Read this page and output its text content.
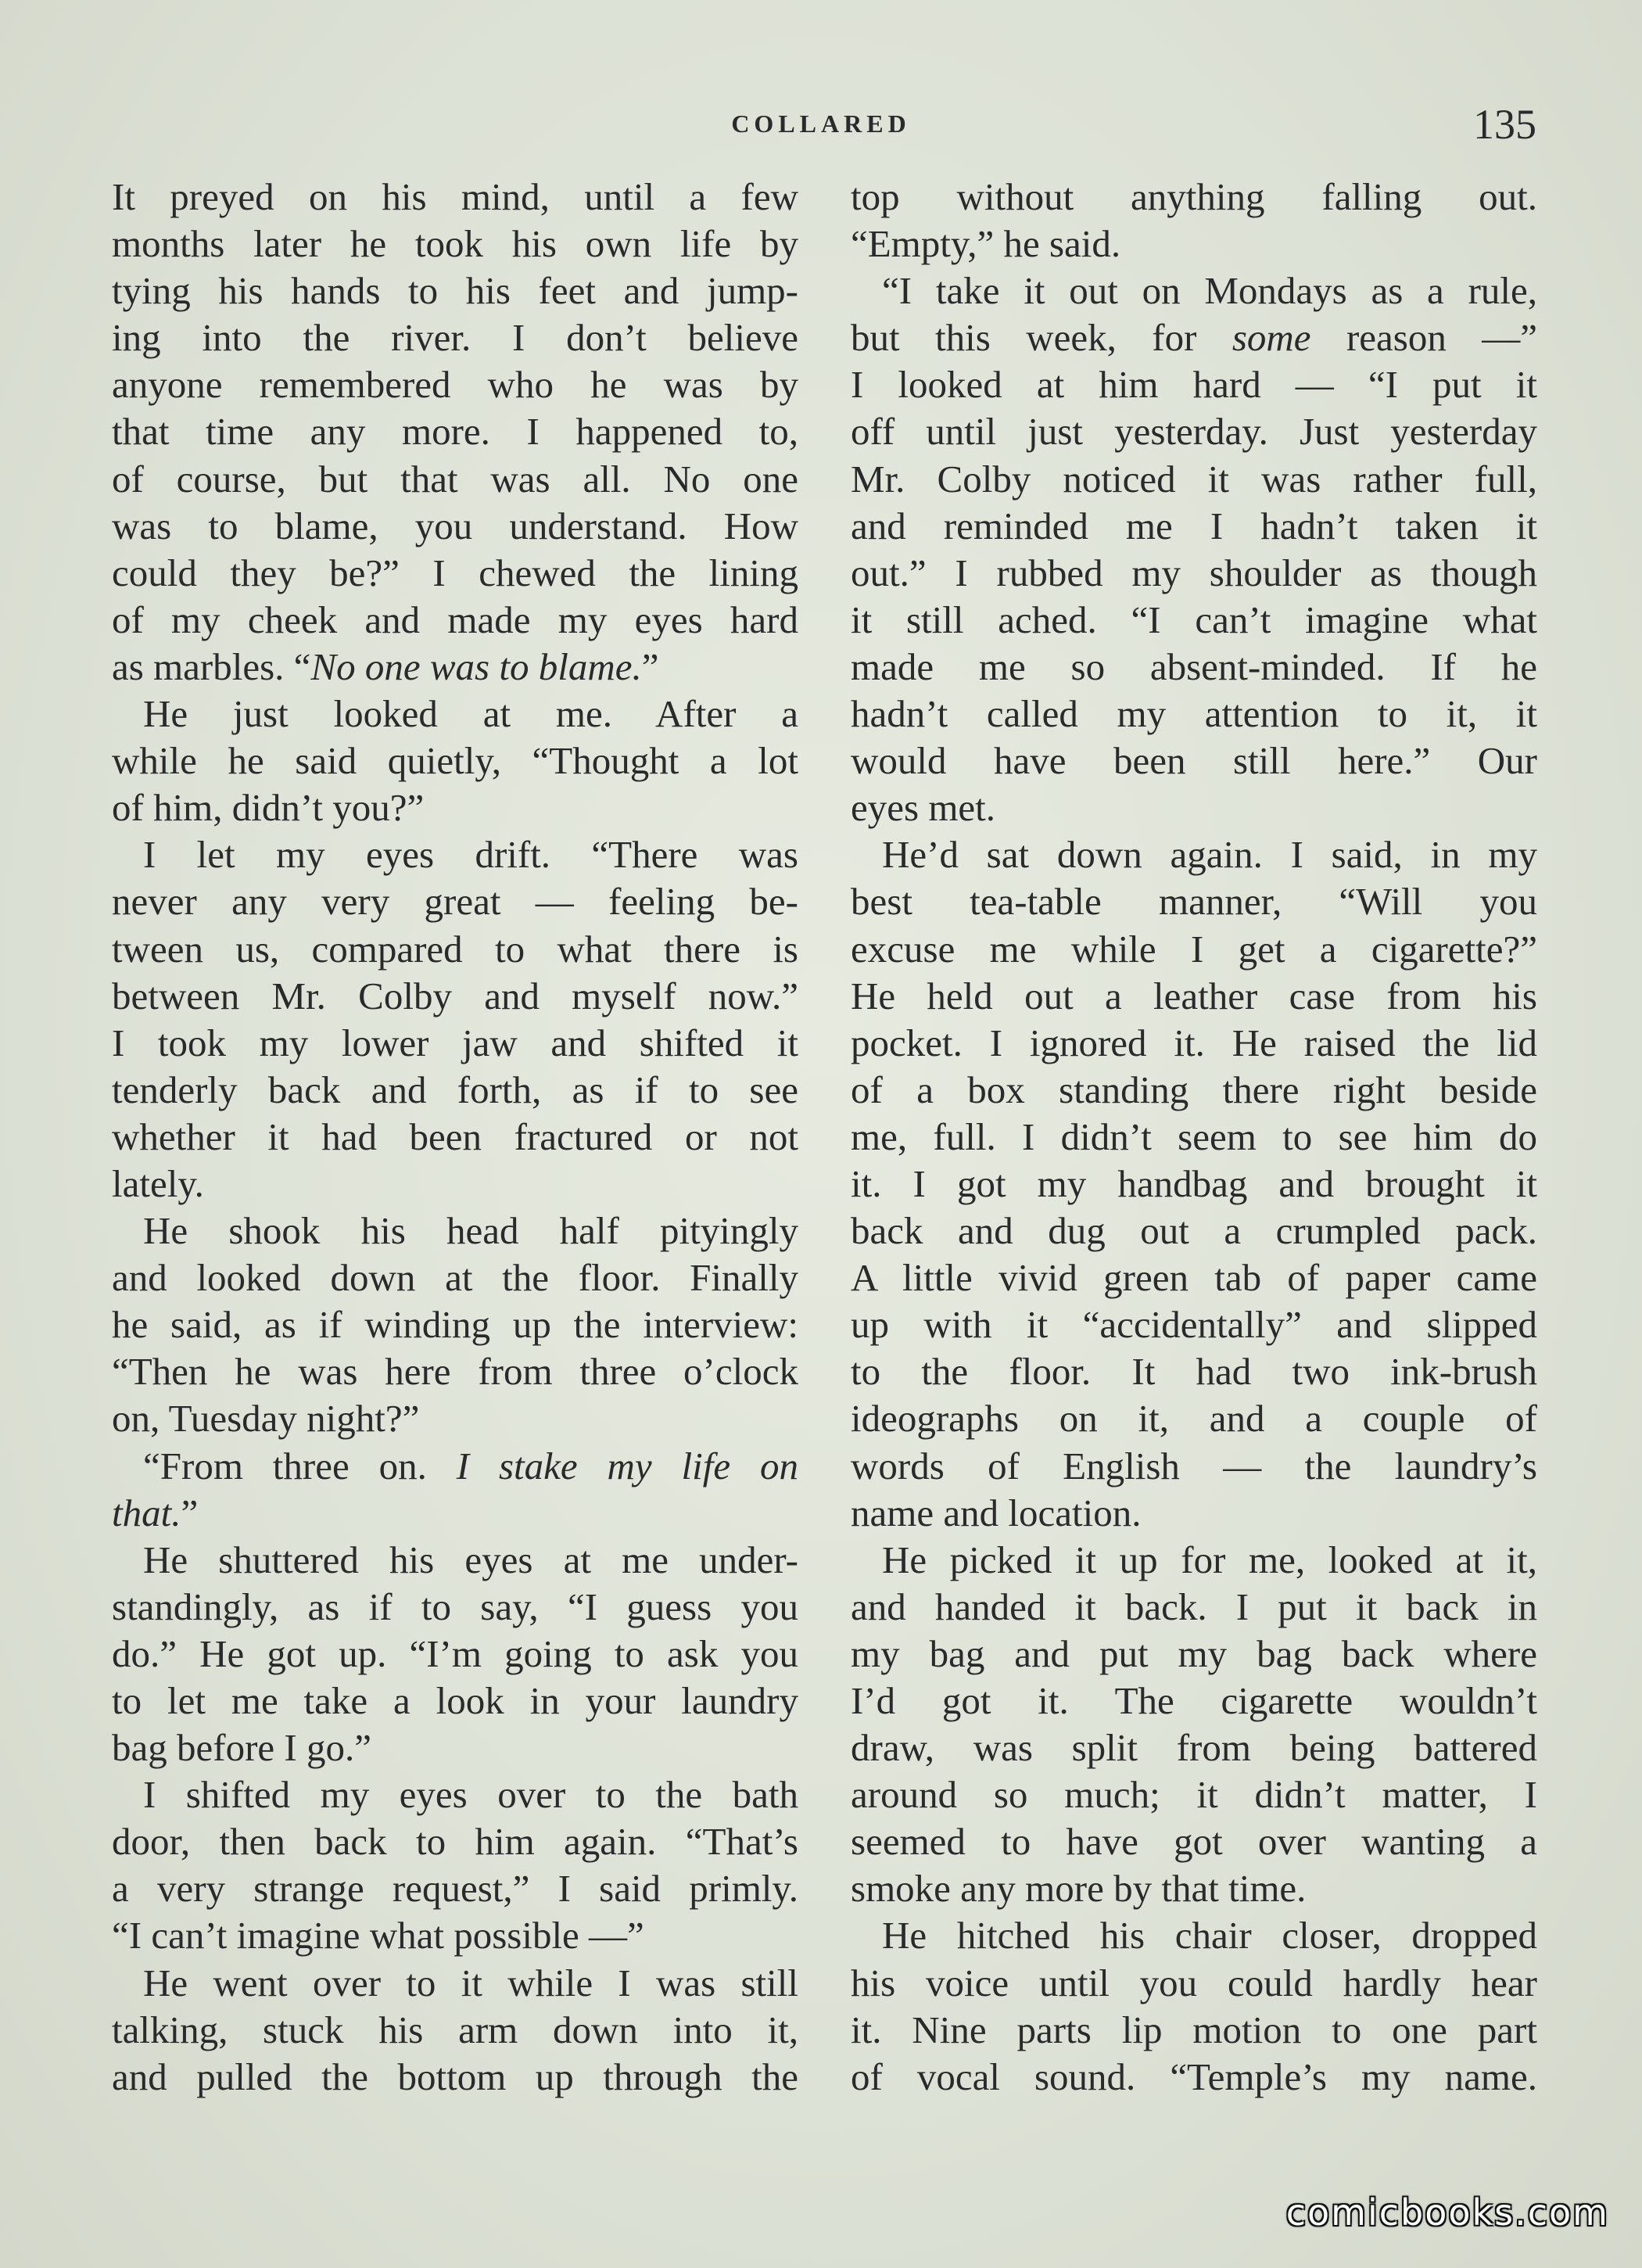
COLLARED	135
It preyed on his mind, until a few
months later he took his own life by
tying his hands to his feet and jump-
ing into the river. I don’t believe
anyone remembered who he was by
that time any more. I happened to,
of course, but that was all. No one
was to blame, you understand. How
could they be?” I chewed the lining
of my cheek and made my eyes hard
as marbles. “No one was to blame.”
He just looked at me. After a
while he said quietly, “Thought a lot
of him, didn’t you?”
I let my eyes drift. “There was
never any very great — feeling be-
tween us, compared to what there is
between Mr. Colby and myself now.”
I took my lower jaw and shifted it
tenderly back and forth, as if to see
whether it had been fractured or not
lately.
He shook his head half pityingly
and looked down at the floor. Finally
he said, as if winding up the interview:
“Then he was here from three o’clock
on, Tuesday night?”
“From three on. I stake my life on
that.”
He shuttered his eyes at me under-
standingly, as if to say, “I guess you
do.” He got up. “I’m going to ask you
to let me take a look in your laundry
bag before I go.”
I shifted my eyes over to the bath
door, then back to him again. “That’s
a very strange request,” I said primly.
“I can’t imagine what possible —”
He went over to it while I was still
talking, stuck his arm down into it,
and pulled the bottom up through the
top without anything falling out.
“Empty,” he said.
“I take it out on Mondays as a rule,
but this week, for some reason —”
I looked at him hard — “I put it
off until just yesterday. Just yesterday
Mr. Colby noticed it was rather full,
and reminded me I hadn’t taken it
out.” I rubbed my shoulder as though
it still ached. “I can’t imagine what
made me so absent-minded. If he
hadn’t called my attention to it, it
would have been still here.” Our
eyes met.
He’d sat down again. I said, in my
best tea-table manner, “Will you
excuse me while I get a cigarette?”
He held out a leather case from his
pocket. I ignored it. He raised the lid
of a box standing there right beside
me, full. I didn’t seem to see him do
it. I got my handbag and brought it
back and dug out a crumpled pack.
A little vivid green tab of paper came
up with it “accidentally” and slipped
to the floor. It had two ink-brush
ideographs on it, and a couple of
words of English — the laundry’s
name and location.
He picked it up for me, looked at it,
and handed it back. I put it back in
my bag and put my bag back where
I’d got it. The cigarette wouldn’t
draw, was split from being battered
around so much; it didn’t matter, I
seemed to have got over wanting a
smoke any more by that time.
He hitched his chair closer, dropped
his voice until you could hardly hear
it. Nine parts lip motion to one part
of vocal sound. “Temple’s my name.
comicbooks.com
